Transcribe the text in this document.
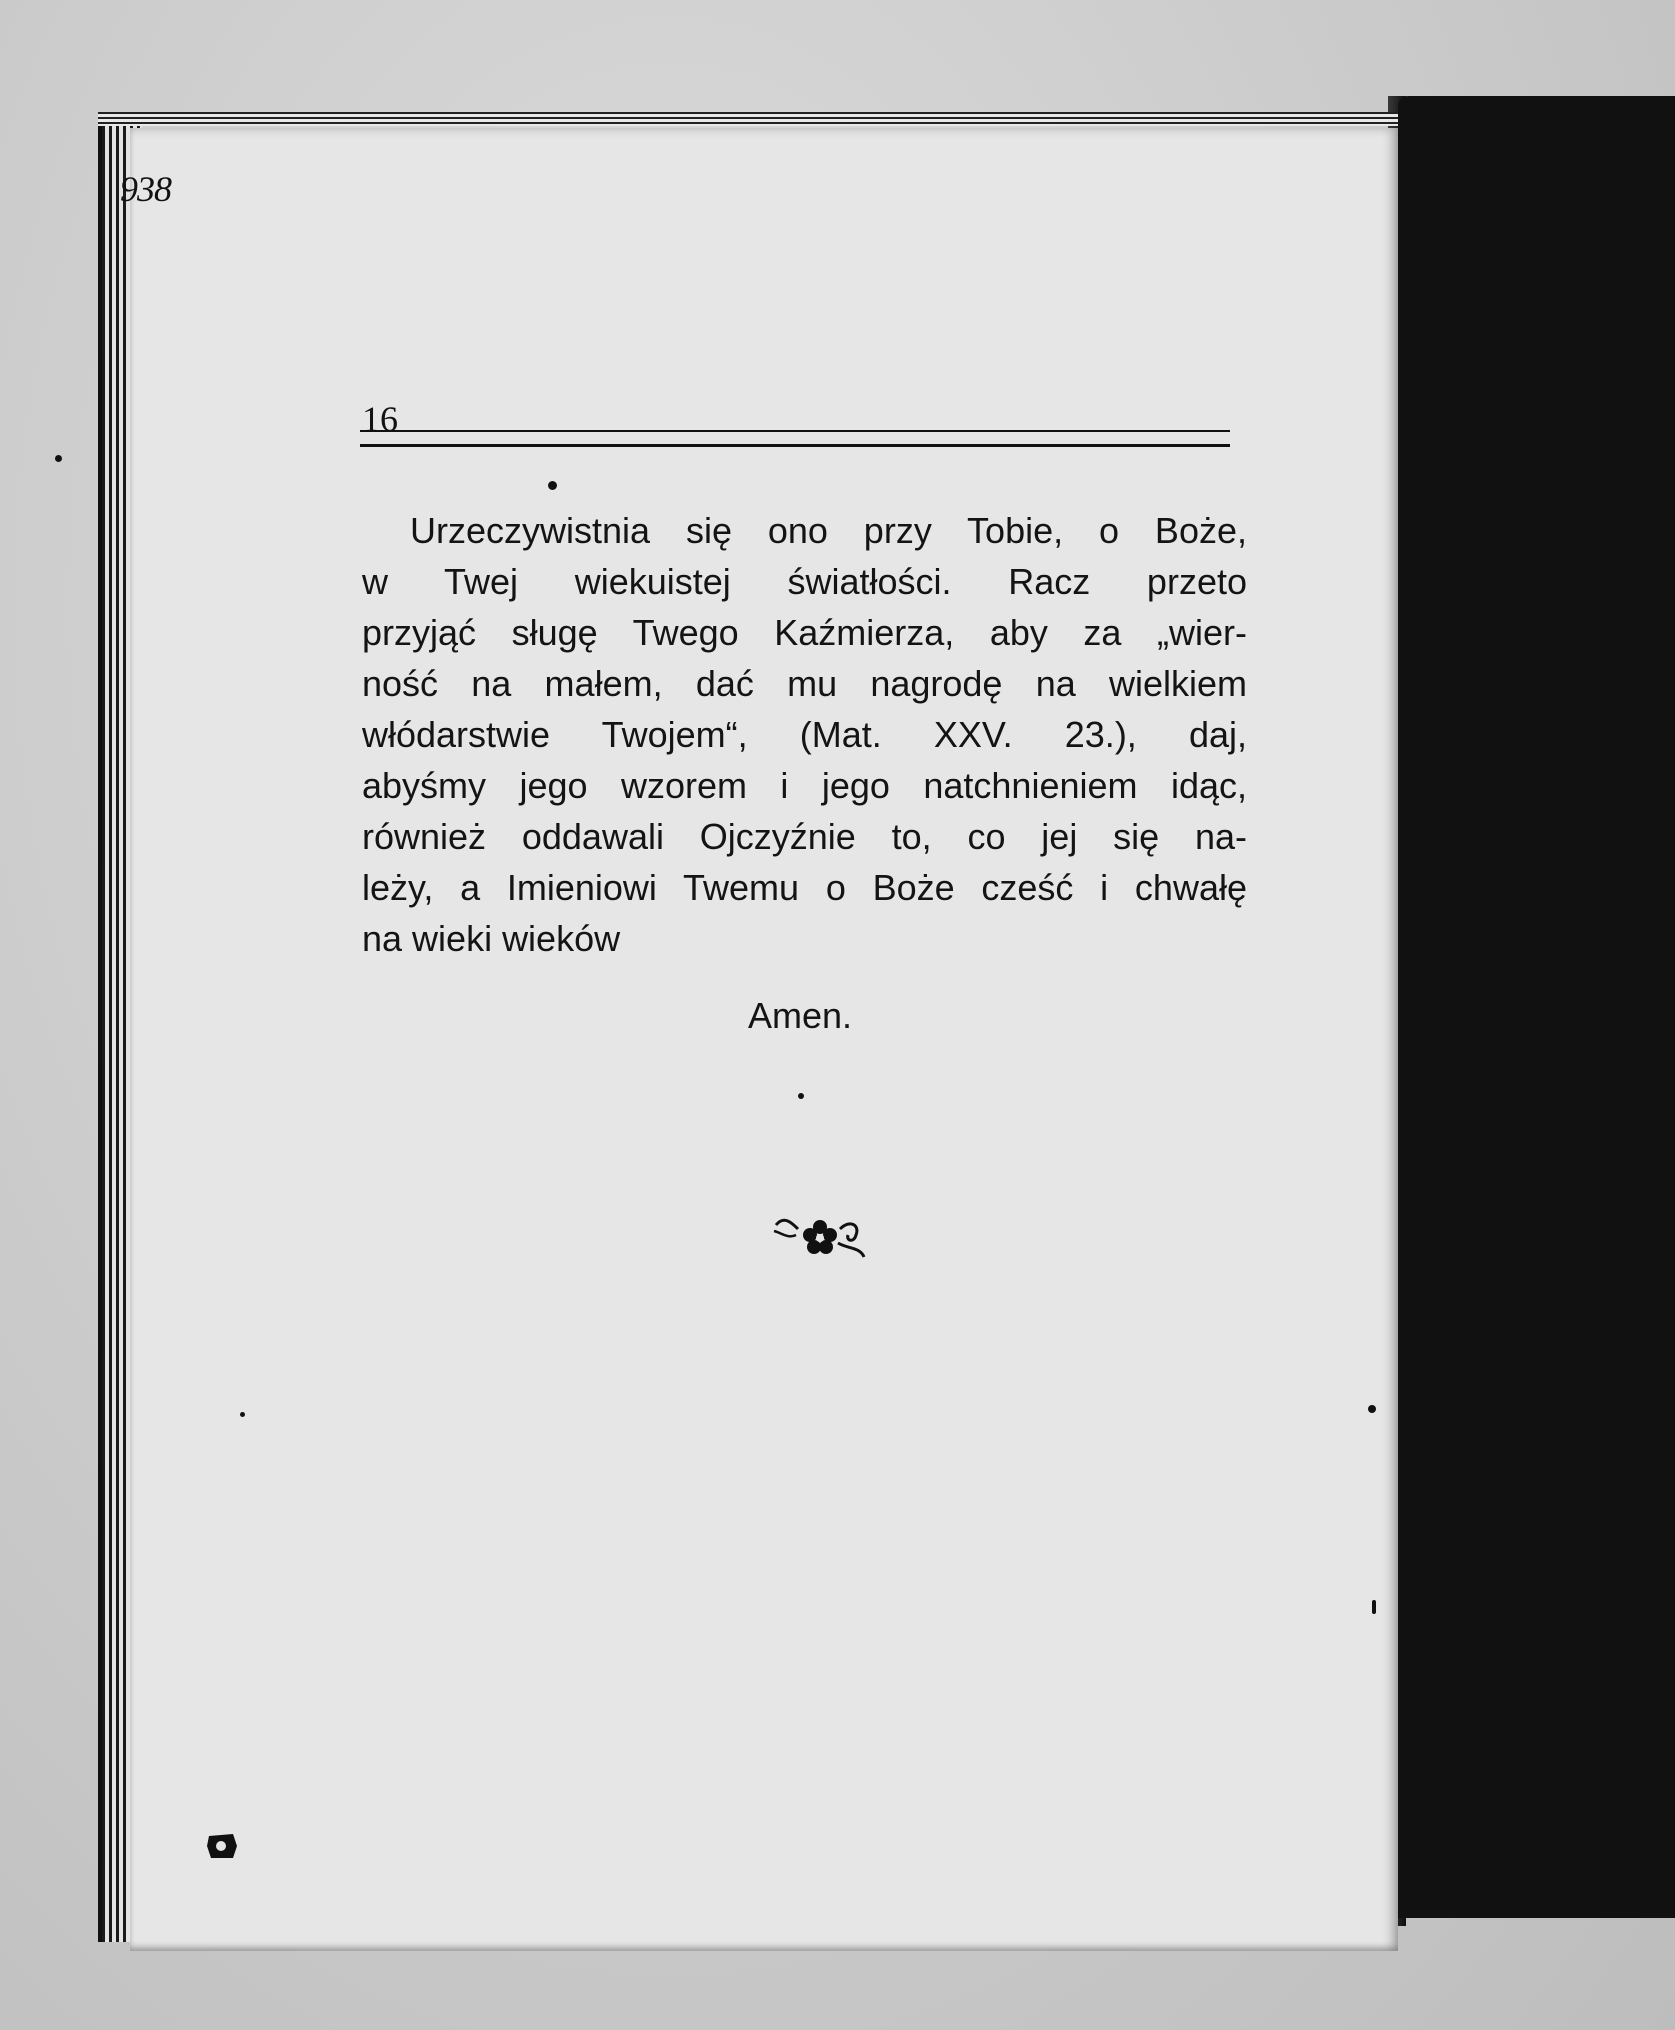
938
16
Urzeczywistnia się ono przy Tobie, o Boże,
w Twej wiekuistej światłości. Racz przeto
przyjąć sługę Twego Kaźmierza, aby za „wier-
ność na małem, dać mu nagrodę na wielkiem
włódarstwie Twojem“, (Mat. XXV. 23.), daj,
abyśmy jego wzorem i jego natchnieniem idąc,
również oddawali Ojczyźnie to, co jej się na-
leży, a Imieniowi Twemu o Boże cześć i chwałę
na wieki wieków
Amen.
